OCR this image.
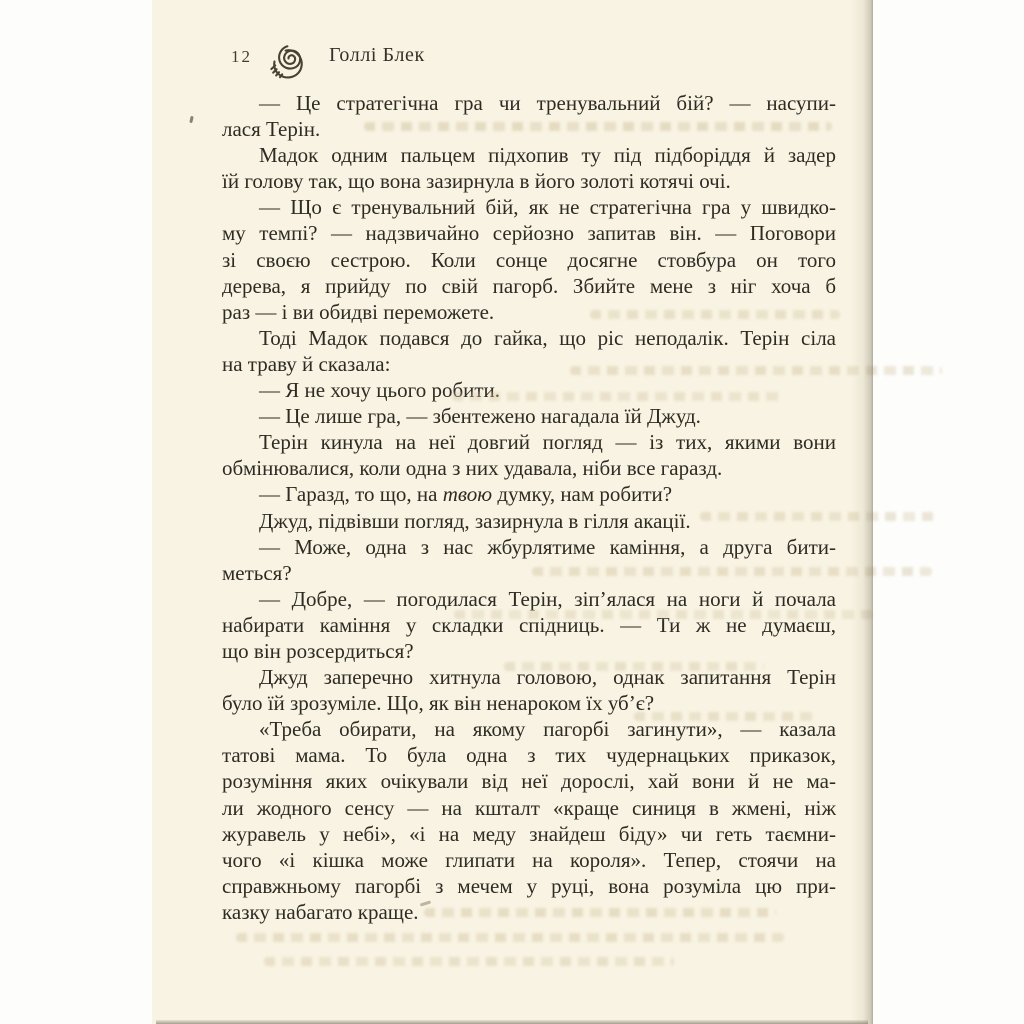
12	Голлі Блек
— Це стратегічна гра чи тренувальний бій? — насупи-
лася Терін.
Мадок одним пальцем підхопив ту під підборіддя й задер
їй голову так, що вона зазирнула в його золоті котячі очі.
— Що є тренувальний бій, як не стратегічна гра у швидко-
му темпі? — надзвичайно серйозно запитав він. — Поговори
зі своєю сестрою. Коли сонце досягне стовбура он того
дерева, я прийду по свій пагорб. Збийте мене з ніг хоча б
раз — і ви обидві переможете.
Тоді Мадок подався до гайка, що ріс неподалік. Терін сіла
на траву й сказала:
— Я не хочу цього робити.
— Це лише гра, — збентежено нагадала їй Джуд.
Терін кинула на неї довгий погляд — із тих, якими вони
обмінювалися, коли одна з них удавала, ніби все гаразд.
— Гаразд, то що, на твою думку, нам робити?
Джуд, підвівши погляд, зазирнула в гілля акації.
— Може, одна з нас жбурлятиме каміння, а друга бити-
меться?
— Добре, — погодилася Терін, зіп’ялася на ноги й почала
набирати каміння у складки спідниць. — Ти ж не думаєш,
що він розсердиться?
Джуд заперечно хитнула головою, однак запитання Терін
було їй зрозуміле. Що, як він ненароком їх уб’є?
«Треба обирати, на якому пагорбі загинути», — казала
татові мама. То була одна з тих чудернацьких приказок,
розуміння яких очікували від неї дорослі, хай вони й не ма-
ли жодного сенсу — на кшталт «краще синиця в жмені, ніж
журавель у небі», «і на меду знайдеш біду» чи геть таємни-
чого «і кішка може глипати на короля». Тепер, стоячи на
справжньому пагорбі з мечем у руці, вона розуміла цю при-
казку набагато краще.
